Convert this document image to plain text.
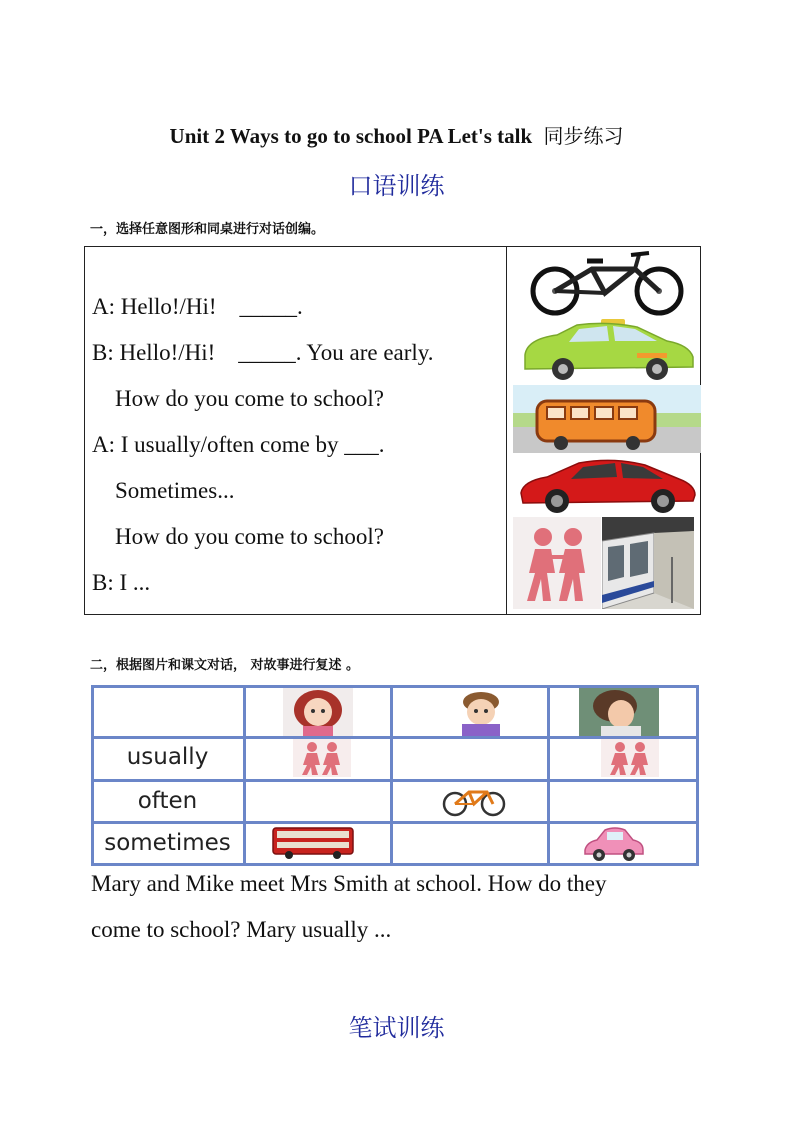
Unit 2 Ways to go to school PA Let's talk 同步练习
口语训练
一，选择任意图形和同桌进行对话创编。
A: Hello!/Hi!    _____.
B: Hello!/Hi!    _____. You are early.
How do you come to school?
A: I usually/often come by ___.
Sometimes...
How do you come to school?
B: I ...
二，根据图片和课文对话， 对故事进行复述 。
usually
often
sometimes
Mary and Mike meet Mrs Smith at school. How do they
come to school? Mary usually ...
笔试训练
